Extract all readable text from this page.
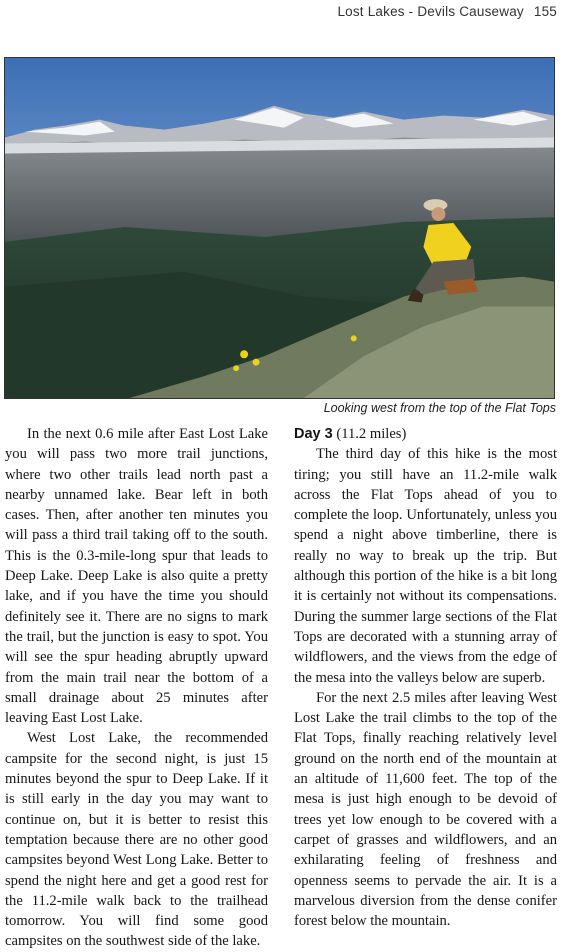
Lost Lakes - Devils Causeway 155
Looking west from the top of the Flat Tops

In the next 0.6 mile after East Lost Lake you will pass two more trail junctions, where two other trails lead north past a nearby unnamed lake. Bear left in both cases. Then, after another ten minutes you will pass a third trail taking off to the south. This is the 0.3-mile-long spur that leads to Deep Lake. Deep Lake is also quite a pretty lake, and if you have the time you should definitely see it. There are no signs to mark the trail, but the junction is easy to spot. You will see the spur heading abruptly upward from the main trail near the bottom of a small drainage about 25 minutes after leaving East Lost Lake.

West Lost Lake, the recommended campsite for the second night, is just 15 minutes beyond the spur to Deep Lake. If it is still early in the day you may want to continue on, but it is better to resist this temptation because there are no other good campsites beyond West Long Lake. Better to spend the night here and get a good rest for the 11.2-mile walk back to the trailhead tomorrow. You will find some good campsites on the southwest side of the lake.

Day 3 (11.2 miles)

The third day of this hike is the most tiring; you still have an 11.2-mile walk across the Flat Tops ahead of you to complete the loop. Unfortunately, unless you spend a night above timberline, there is really no way to break up the trip. But although this portion of the hike is a bit long it is certainly not without its compensations. During the summer large sections of the Flat Tops are decorated with a stunning array of wildflowers, and the views from the edge of the mesa into the valleys below are superb.

For the next 2.5 miles after leaving West Lost Lake the trail climbs to the top of the Flat Tops, finally reaching relatively level ground on the north end of the mountain at an altitude of 11,600 feet. The top of the mesa is just high enough to be devoid of trees yet low enough to be covered with a carpet of grasses and wildflowers, and an exhilarating feeling of freshness and openness seems to pervade the air. It is a marvelous diversion from the dense conifer forest below the mountain.
